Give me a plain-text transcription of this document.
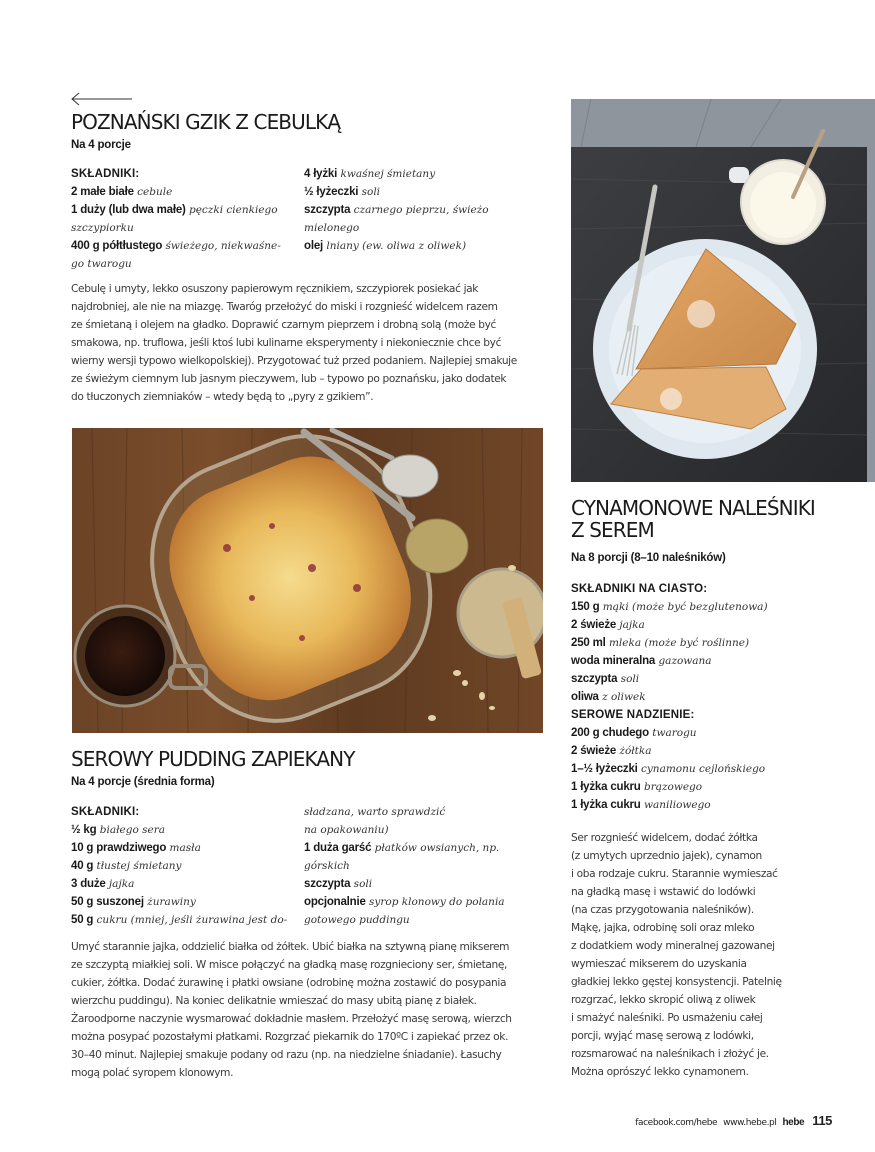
POZNAŃSKI GZIK Z CEBULKĄ
Na 4 porcje
SKŁADNIKI:
2 małe białe cebule
1 duży (lub dwa małe) pęczki cienkiego
szczypiorku
400 g półtłustego świeżego, niekwaśne-
go twarogu
4 łyżki kwaśnej śmietany
½ łyżeczki soli
szczypta czarnego pieprzu, świeżo
mielonego
olej lniany (ew. oliwa z oliwek)
Cebulę i umyty, lekko osuszony papierowym ręcznikiem, szczypiorek posiekać jak
najdrobniej, ale nie na miazgę. Twaróg przełożyć do miski i rozgnieść widelcem razem
ze śmietaną i olejem na gładko. Doprawić czarnym pieprzem i drobną solą (może być
smakowa, np. truflowa, jeśli ktoś lubi kulinarne eksperymenty i niekoniecznie chce być
wierny wersji typowo wielkopolskiej). Przygotować tuż przed podaniem. Najlepiej smakuje
ze świeżym ciemnym lub jasnym pieczywem, lub – typowo po poznańsku, jako dodatek
do tłuczonych ziemniaków – wtedy będą to „pyry z gzikiem”.
SEROWY PUDDING ZAPIEKANY
Na 4 porcje (średnia forma)
SKŁADNIKI:
½ kg białego sera
10 g prawdziwego masła
40 g tłustej śmietany
3 duże jajka
50 g suszonej żurawiny
50 g cukru (mniej, jeśli żurawina jest do-
sładzana, warto sprawdzić
na opakowaniu)
1 duża garść płatków owsianych, np.
górskich
szczypta soli
opcjonalnie syrop klonowy do polania
gotowego puddingu
Umyć starannie jajka, oddzielić białka od żółtek. Ubić białka na sztywną pianę mikserem
ze szczyptą miałkiej soli. W misce połączyć na gładką masę rozgnieciony ser, śmietanę,
cukier, żółtka. Dodać żurawinę i płatki owsiane (odrobinę można zostawić do posypania
wierzchu puddingu). Na koniec delikatnie wmieszać do masy ubitą pianę z białek.
Żaroodporne naczynie wysmarować dokładnie masłem. Przełożyć masę serową, wierzch
można posypać pozostałymi płatkami. Rozgrzać piekarnik do 170ºC i zapiekać przez ok.
30–40 minut. Najlepiej smakuje podany od razu (np. na niedzielne śniadanie). Łasuchy
mogą polać syropem klonowym.
CYNAMONOWE NALEŚNIKI
Z SEREM
Na 8 porcji (8–10 naleśników)
SKŁADNIKI NA CIASTO:
150 g mąki (może być bezglutenowa)
2 świeże jajka
250 ml mleka (może być roślinne)
woda mineralna gazowana
szczypta soli
oliwa z oliwek
SEROWE NADZIENIE:
200 g chudego twarogu
2 świeże żółtka
1–½ łyżeczki cynamonu cejlońskiego
1 łyżka cukru brązowego
1 łyżka cukru waniliowego
Ser rozgnieść widelcem, dodać żółtka
(z umytych uprzednio jajek), cynamon
i oba rodzaje cukru. Starannie wymieszać
na gładką masę i wstawić do lodówki
(na czas przygotowania naleśników).
Mąkę, jajka, odrobinę soli oraz mleko
z dodatkiem wody mineralnej gazowanej
wymieszać mikserem do uzyskania
gładkiej lekko gęstej konsystencji. Patelnię
rozgrzać, lekko skropić oliwą z oliwek
i smażyć naleśniki. Po usmażeniu całej
porcji, wyjąć masę serową z lodówki,
rozsmarować na naleśnikach i złożyć je.
Można oprószyć lekko cynamonem.
facebook.com/hebe www.hebe.pl hebe 115
